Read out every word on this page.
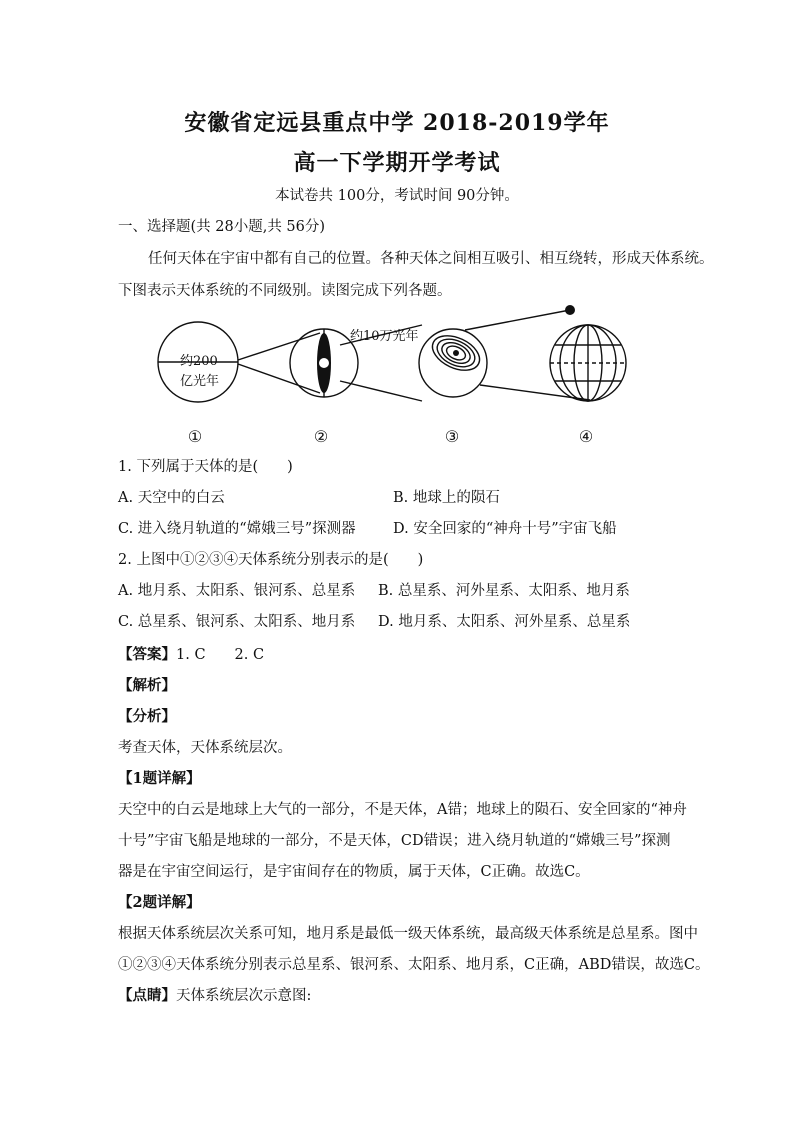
安徽省定远县重点中学 2018-2019学年
高一下学期开学考试
本试卷共 100分，考试时间 90分钟。
一、选择题(共 28小题,共 56分)
任何天体在宇宙中都有自己的位置。各种天体之间相互吸引、相互绕转，形成天体系统。
下图表示天体系统的不同级别。读图完成下列各题。
约200
亿光年
约10万光年
①	②	③	④
1. 下列属于天体的是(　　)
A. 天空中的白云	B. 地球上的陨石
C. 进入绕月轨道的“嫦娥三号”探测器	D. 安全回家的“神舟十号”宇宙飞船
2. 上图中①②③④天体系统分别表示的是(　　)
A. 地月系、太阳系、银河系、总星系 B. 总星系、河外星系、太阳系、地月系
C. 总星系、银河系、太阳系、地月系 D. 地月系、太阳系、河外星系、总星系
【答案】1. C　　2. C
【解析】
【分析】
考查天体，天体系统层次。
【1题详解】
天空中的白云是地球上大气的一部分，不是天体，A错；地球上的陨石、安全回家的“神舟
十号”宇宙飞船是地球的一部分，不是天体，CD错误；进入绕月轨道的“嫦娥三号”探测
器是在宇宙空间运行，是宇宙间存在的物质，属于天体，C正确。故选C。
【2题详解】
根据天体系统层次关系可知，地月系是最低一级天体系统，最高级天体系统是总星系。图中
①②③④天体系统分别表示总星系、银河系、太阳系、地月系，C正确，ABD错误，故选C。
【点睛】天体系统层次示意图:
